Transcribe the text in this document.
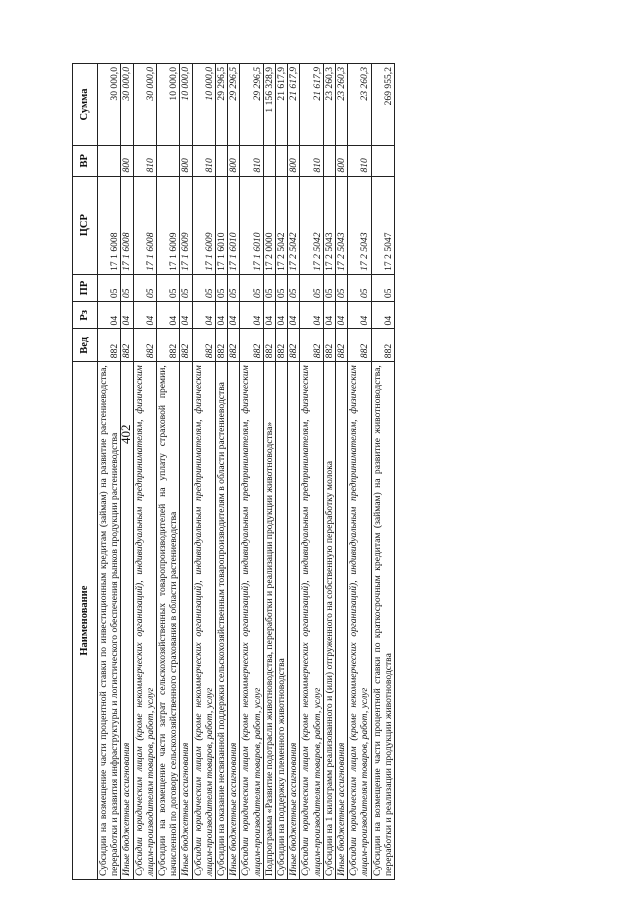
402
Наименование	Вед	Рз	ПР	ЦСР	ВР	Сумма
Субсидии на возмещение части процентной ставки по инвестиционным кредитам (займам) на развитие растениеводства, переработки и развития инфраструктуры и логистического обеспечения рынков продукции растениеводства	882	04	05	17 1 6008		30 000,0
Иные бюджетные ассигнования	882	04	05	17 1 6008	800	30 000,0
Субсидии юридическим лицам (кроме некоммерческих организаций), индивидуальным предпринимателям, физическим лицам-производителям товаров, работ, услуг	882	04	05	17 1 6008	810	30 000,0
Субсидии на возмещение части затрат сельскохозяйственных товаропроизводителей на уплату страховой премии, начисленной по договору сельскохозяйственного страхования в области растениеводства	882	04	05	17 1 6009		10 000,0
Иные бюджетные ассигнования	882	04	05	17 1 6009	800	10 000,0
Субсидии юридическим лицам (кроме некоммерческих организаций), индивидуальным предпринимателям, физическим лицам-производителям товаров, работ, услуг	882	04	05	17 1 6009	810	10 000,0
Субсидии на оказание несвязанной поддержки сельскохозяйственным товаропроизводителям в области растениеводства	882	04	05	17 1 6010		29 296,5
Иные бюджетные ассигнования	882	04	05	17 1 6010	800	29 296,5
Субсидии юридическим лицам (кроме некоммерческих организаций), индивидуальным предпринимателям, физическим лицам-производителям товаров, работ, услуг	882	04	05	17 1 6010	810	29 296,5
Подпрограмма «Развитие подотрасли животноводства, переработки и реализации продукции животноводства»	882	04	05	17 2 0000		1 156 328,9
Субсидии на поддержку племенного животноводства	882	04	05	17 2 5042		21 617,9
Иные бюджетные ассигнования	882	04	05	17 2 5042	800	21 617,9
Субсидии юридическим лицам (кроме некоммерческих организаций), индивидуальным предпринимателям, физическим лицам-производителям товаров, работ, услуг	882	04	05	17 2 5042	810	21 617,9
Субсидии на 1 килограмм реализованного и (или) отгруженного на собственную переработку молока	882	04	05	17 2 5043		23 260,3
Иные бюджетные ассигнования	882	04	05	17 2 5043	800	23 260,3
Субсидии юридическим лицам (кроме некоммерческих организаций), индивидуальным предпринимателям, физическим лицам-производителям товаров, работ, услуг	882	04	05	17 2 5043	810	23 260,3
Субсидии на возмещение части процентной ставки по краткосрочным кредитам (займам) на развитие животноводства, переработки и реализации продукции животноводства	882	04	05	17 2 5047		269 955,2
